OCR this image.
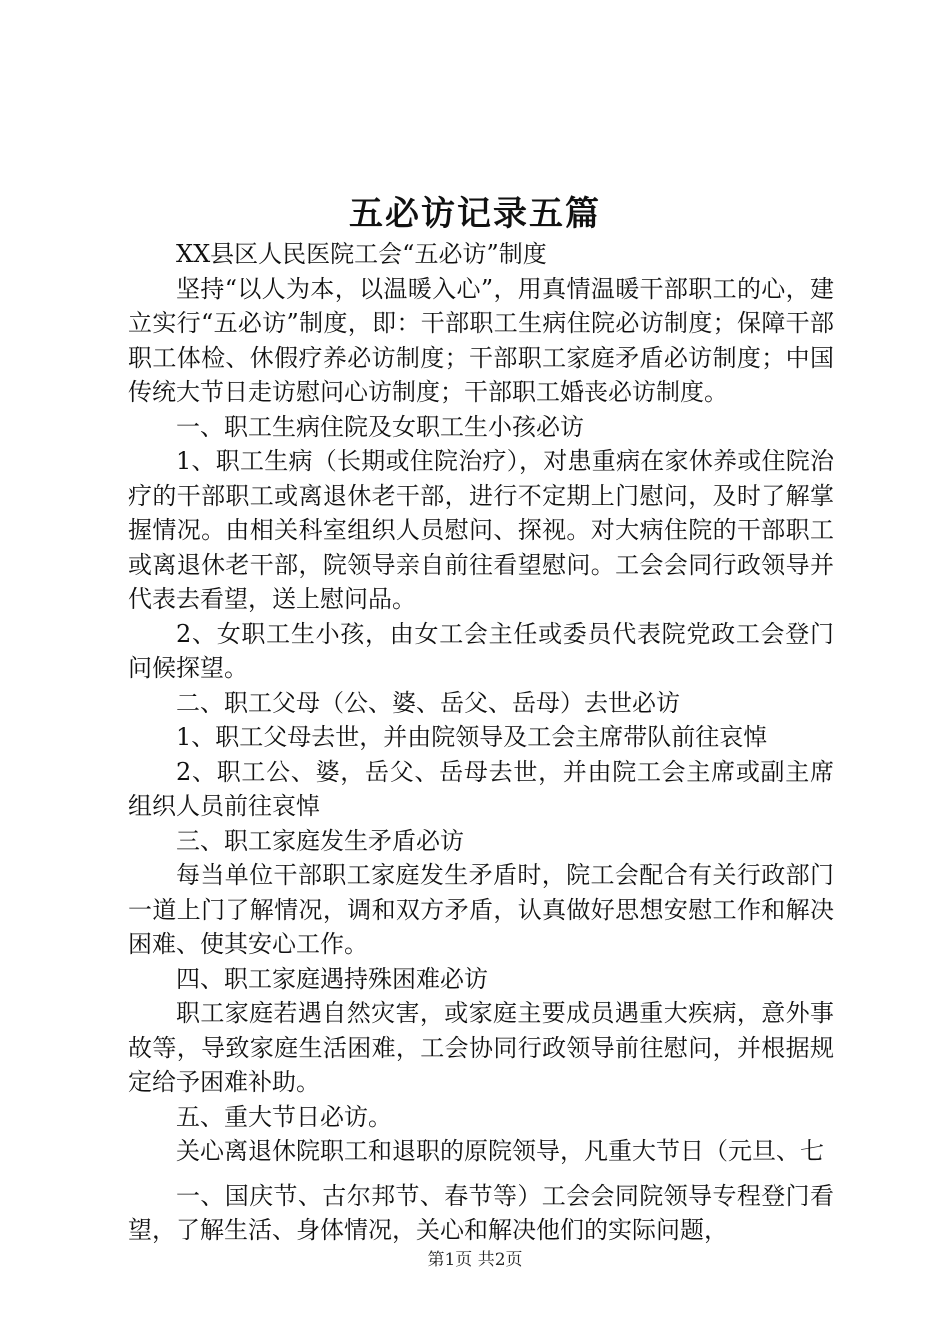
五必访记录五篇

XX县区人民医院工会“五必访”制度

坚持“以人为本，以温暖入心”，用真情温暖干部职工的心，建立实行“五必访”制度，即：干部职工生病住院必访制度；保障干部职工体检、休假疗养必访制度；干部职工家庭矛盾必访制度；中国传统大节日走访慰问心访制度；干部职工婚丧必访制度。

一、职工生病住院及女职工生小孩必访

1、职工生病（长期或住院治疗），对患重病在家休养或住院治疗的干部职工或离退休老干部，进行不定期上门慰问，及时了解掌握情况。由相关科室组织人员慰问、探视。对大病住院的干部职工或离退休老干部，院领导亲自前往看望慰问。工会会同行政领导并代表去看望，送上慰问品。

2、女职工生小孩，由女工会主任或委员代表院党政工会登门问候探望。

二、职工父母（公、婆、岳父、岳母）去世必访

1、职工父母去世，并由院领导及工会主席带队前往哀悼

2、职工公、婆，岳父、岳母去世，并由院工会主席或副主席组织人员前往哀悼

三、职工家庭发生矛盾必访

每当单位干部职工家庭发生矛盾时，院工会配合有关行政部门一道上门了解情况，调和双方矛盾，认真做好思想安慰工作和解决困难、使其安心工作。

四、职工家庭遇持殊困难必访

职工家庭若遇自然灾害，或家庭主要成员遇重大疾病，意外事故等，导致家庭生活困难，工会协同行政领导前往慰问，并根据规定给予困难补助。

五、重大节日必访。

关心离退休院职工和退职的原院领导，凡重大节日（元旦、七

一、国庆节、古尔邦节、春节等）工会会同院领导专程登门看望，了解生活、身体情况，关心和解决他们的实际问题，

第1页 共2页
